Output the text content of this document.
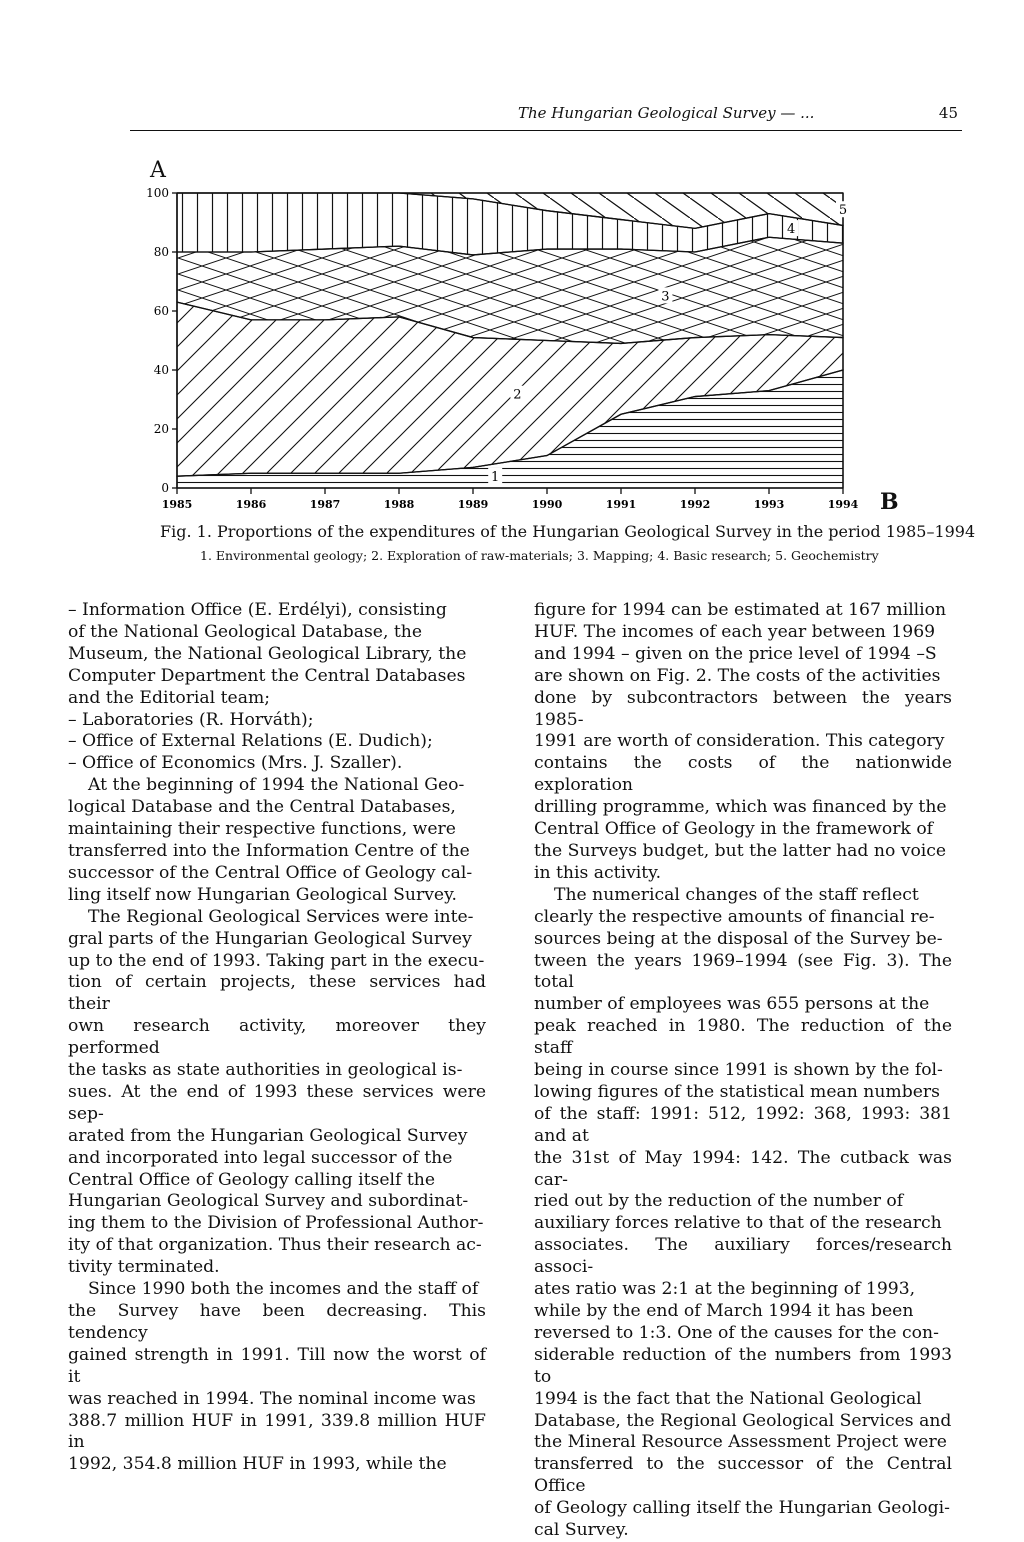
The Hungarian Geological Survey — ...	45
A
B
0
20
40
60
80
100
1985	1986	1987	1988	1989	1990	1991	1992	1993	1994
1
2
3
4
5
Fig. 1. Proportions of the expenditures of the Hungarian Geological Survey in the period 1985–1994
1. Environmental geology; 2. Exploration of raw-materials; 3. Mapping; 4. Basic research; 5. Geochemistry
– Information Office (E. Erdélyi), consisting
of the National Geological Database, the
Museum, the National Geological Library, the
Computer Department the Central Databases
and the Editorial team;
– Laboratories (R. Horváth);
– Office of External Relations (E. Dudich);
– Office of Economics (Mrs. J. Szaller).
At the beginning of 1994 the National Geo-
logical Database and the Central Databases,
maintaining their respective functions, were
transferred into the Information Centre of the
successor of the Central Office of Geology cal-
ling itself now Hungarian Geological Survey.
The Regional Geological Services were inte-
gral parts of the Hungarian Geological Survey
up to the end of 1993. Taking part in the execu-
tion of certain projects, these services had their
own research activity, moreover they performed
the tasks as state authorities in geological is-
sues. At the end of 1993 these services were sep-
arated from the Hungarian Geological Survey
and incorporated into legal successor of the
Central Office of Geology calling itself the
Hungarian Geological Survey and subordinat-
ing them to the Division of Professional Author-
ity of that organization. Thus their research ac-
tivity terminated.
Since 1990 both the incomes and the staff of
the Survey have been decreasing. This tendency
gained strength in 1991. Till now the worst of it
was reached in 1994. The nominal income was
388.7 million HUF in 1991, 339.8 million HUF in
1992, 354.8 million HUF in 1993, while the
figure for 1994 can be estimated at 167 million
HUF. The incomes of each year between 1969
and 1994 – given on the price level of 1994 –S
are shown on Fig. 2. The costs of the activities
done by subcontractors between the years 1985-
1991 are worth of consideration. This category
contains the costs of the nationwide exploration
drilling programme, which was financed by the
Central Office of Geology in the framework of
the Surveys budget, but the latter had no voice
in this activity.
The numerical changes of the staff reflect
clearly the respective amounts of financial re-
sources being at the disposal of the Survey be-
tween the years 1969–1994 (see Fig. 3). The total
number of employees was 655 persons at the
peak reached in 1980. The reduction of the staff
being in course since 1991 is shown by the fol-
lowing figures of the statistical mean numbers
of the staff: 1991: 512, 1992: 368, 1993: 381 and at
the 31st of May 1994: 142. The cutback was car-
ried out by the reduction of the number of
auxiliary forces relative to that of the research
associates. The auxiliary forces/research associ-
ates ratio was 2:1 at the beginning of 1993,
while by the end of March 1994 it has been
reversed to 1:3. One of the causes for the con-
siderable reduction of the numbers from 1993 to
1994 is the fact that the National Geological
Database, the Regional Geological Services and
the Mineral Resource Assessment Project were
transferred to the successor of the Central Office
of Geology calling itself the Hungarian Geologi-
cal Survey.
